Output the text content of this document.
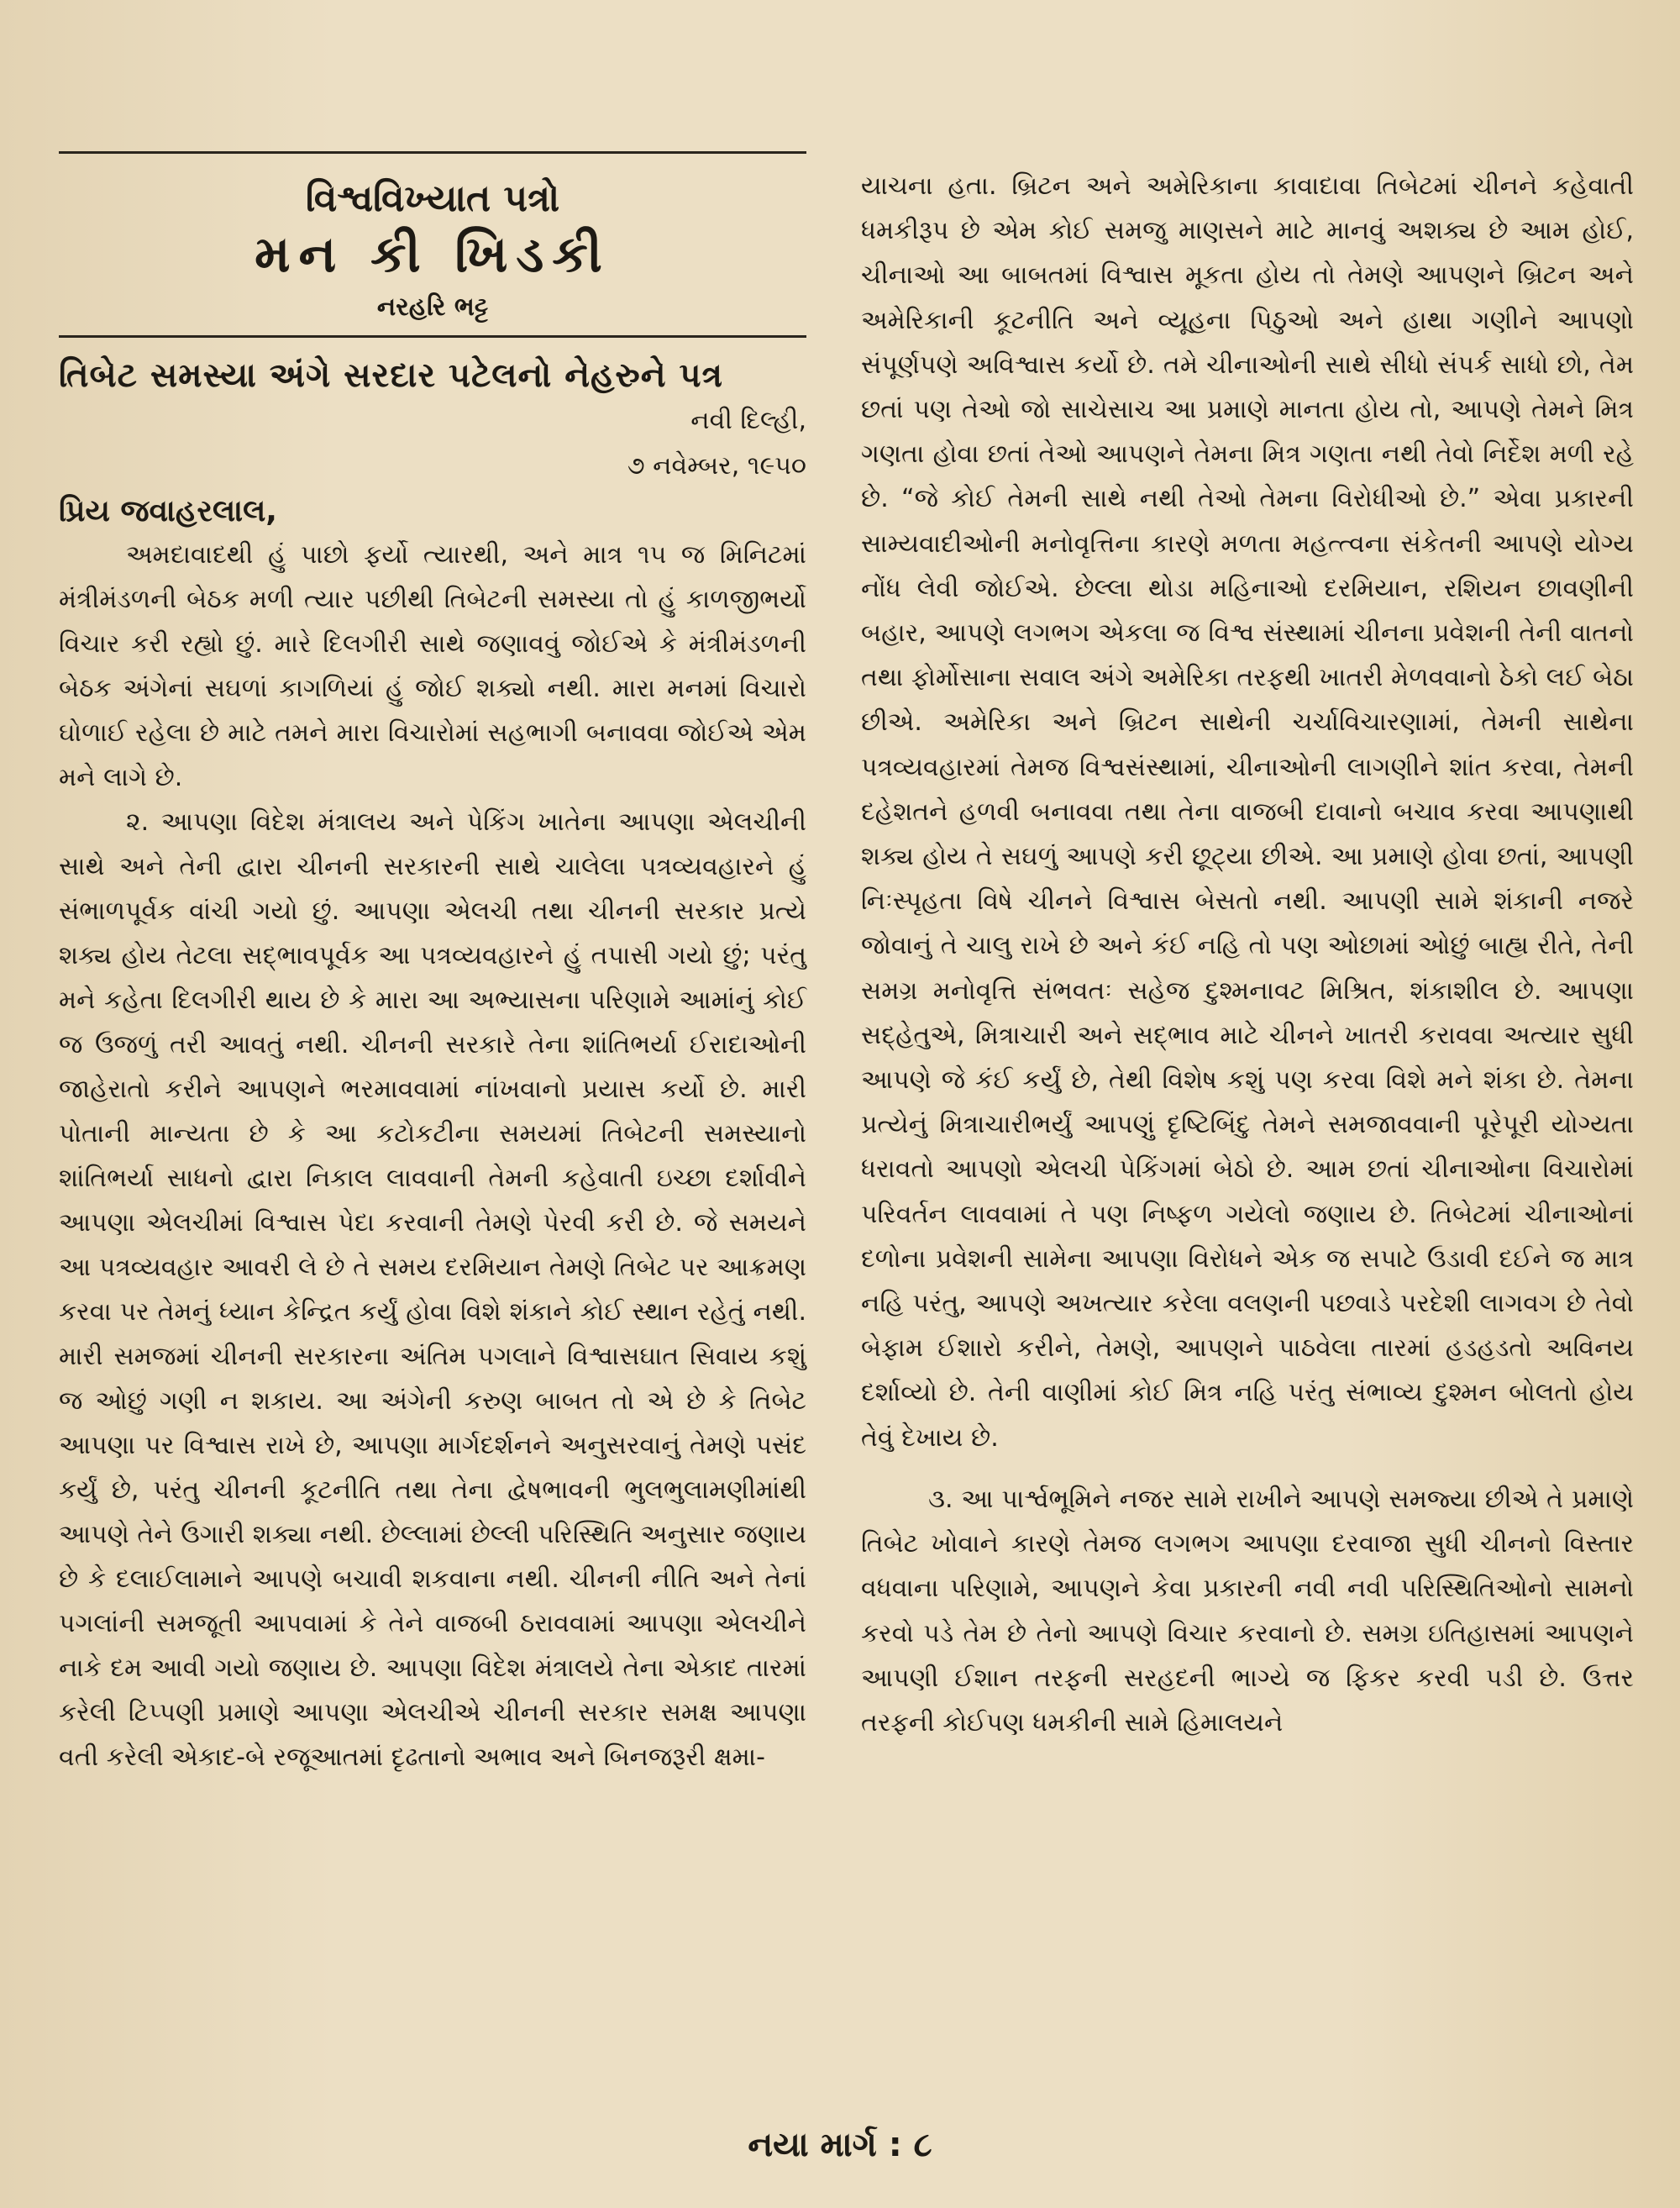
વિશ્વવિખ્યાત પત્રો
મન કી ખિડકી
નરહરિ ભટ્ટ
તિબેટ સમસ્યા અંગે સરદાર પટેલનો નેહરુને પત્ર
નવી દિલ્હી,
૭ નવેમ્બર, ૧૯૫૦
પ્રિય જવાહરલાલ,

અમદાવાદથી હું પાછો ફર્યો ત્યારથી, અને માત્ર ૧૫ જ મિનિટમાં મંત્રીમંડળની બેઠક મળી ત્યાર પછીથી તિબેટની સમસ્યા તો હું કાળજીભર્યો વિચાર કરી રહ્યો છું. મારે દિલગીરી સાથે જણાવવું જોઈએ કે મંત્રીમંડળની બેઠક અંગેનાં સઘળાં કાગળિયાં હું જોઈ શક્યો નથી. મારા મનમાં વિચારો ઘોળાઈ રહેલા છે માટે તમને મારા વિચારોમાં સહભાગી બનાવવા જોઈએ એમ મને લાગે છે.

૨. આપણા વિદેશ મંત્રાલય અને પેકિંગ ખાતેના આપણા એલચીની સાથે અને તેની દ્વારા ચીનની સરકારની સાથે ચાલેલા પત્રવ્યવહારને હું સંભાળપૂર્વક વાંચી ગયો છું. આપણા એલચી તથા ચીનની સરકાર પ્રત્યે શક્ય હોય તેટલા સદ્ભાવપૂર્વક આ પત્રવ્યવહારને હું તપાસી ગયો છું; પરંતુ મને કહેતા દિલગીરી થાય છે કે મારા આ અભ્યાસના પરિણામે આમાંનું કોઈ જ ઉજળું તરી આવતું નથી. ચીનની સરકારે તેના શાંતિભર્યા ઈરાદાઓની જાહેરાતો કરીને આપણને ભરમાવવામાં નાંખવાનો પ્રયાસ કર્યો છે. મારી પોતાની માન્યતા છે કે આ કટોકટીના સમયમાં તિબેટની સમસ્યાનો શાંતિભર્યા સાધનો દ્વારા નિકાલ લાવવાની તેમની કહેવાતી ઇચ્છા દર્શાવીને આપણા એલચીમાં વિશ્વાસ પેદા કરવાની તેમણે પેરવી કરી છે. જે સમયને આ પત્રવ્યવહાર આવરી લે છે તે સમય દરમિયાન તેમણે તિબેટ પર આક્રમણ કરવા પર તેમનું ધ્યાન કેન્દ્રિત કર્યું હોવા વિશે શંકાને કોઈ સ્થાન રહેતું નથી. મારી સમજમાં ચીનની સરકારના અંતિમ પગલાને વિશ્વાસઘાત સિવાય કશું જ ઓછું ગણી ન શકાય. આ અંગેની કરુણ બાબત તો એ છે કે તિબેટ આપણા પર વિશ્વાસ રાખે છે, આપણા માર્ગદર્શનને અનુસરવાનું તેમણે પસંદ કર્યું છે, પરંતુ ચીનની કૂટનીતિ તથા તેના દ્વેષભાવની ભુલભુલામણીમાંથી આપણે તેને ઉગારી શક્યા નથી. છેલ્લામાં છેલ્લી પરિસ્થિતિ અનુસાર જણાય છે કે દલાઈલામાને આપણે બચાવી શકવાના નથી. ચીનની નીતિ અને તેનાં પગલાંની સમજૂતી આપવામાં કે તેને વાજબી ઠરાવવામાં આપણા એલચીને નાકે દમ આવી ગયો જણાય છે. આપણા વિદેશ મંત્રાલયે તેના એકાદ તારમાં કરેલી ટિપ્પણી પ્રમાણે આપણા એલચીએ ચીનની સરકાર સમક્ષ આપણા વતી કરેલી એકાદ-બે રજૂઆતમાં દૃઢતાનો અભાવ અને બિનજરૂરી ક્ષમા-

યાચના હતા. બ્રિટન અને અમેરિકાના કાવાદાવા તિબેટમાં ચીનને કહેવાતી ધમકીરૂપ છે એમ કોઈ સમજુ માણસને માટે માનવું અશક્ય છે આમ હોઈ, ચીનાઓ આ બાબતમાં વિશ્વાસ મૂકતા હોય તો તેમણે આપણને બ્રિટન અને અમેરિકાની કૂટનીતિ અને વ્યૂહના પિઠુઓ અને હાથા ગણીને આપણો સંપૂર્ણપણે અવિશ્વાસ કર્યો છે. તમે ચીનાઓની સાથે સીધો સંપર્ક સાધો છો, તેમ છતાં પણ તેઓ જો સાચેસાચ આ પ્રમાણે માનતા હોય તો, આપણે તેમને મિત્ર ગણતા હોવા છતાં તેઓ આપણને તેમના મિત્ર ગણતા નથી તેવો નિર્દેશ મળી રહે છે. “જે કોઈ તેમની સાથે નથી તેઓ તેમના વિરોધીઓ છે.” એવા પ્રકારની સામ્યવાદીઓની મનોવૃત્તિના કારણે મળતા મહત્ત્વના સંકેતની આપણે યોગ્ય નોંધ લેવી જોઈએ. છેલ્લા થોડા મહિનાઓ દરમિયાન, રશિયન છાવણીની બહાર, આપણે લગભગ એકલા જ વિશ્વ સંસ્થામાં ચીનના પ્રવેશની તેની વાતનો તથા ફોર્મોસાના સવાલ અંગે અમેરિકા તરફથી ખાતરી મેળવવાનો ઠેકો લઈ બેઠા છીએ. અમેરિકા અને બ્રિટન સાથેની ચર્ચાવિચારણામાં, તેમની સાથેના પત્રવ્યવહારમાં તેમજ વિશ્વસંસ્થામાં, ચીનાઓની લાગણીને શાંત કરવા, તેમની દહેશતને હળવી બનાવવા તથા તેના વાજબી દાવાનો બચાવ કરવા આપણાથી શક્ય હોય તે સઘળું આપણે કરી છૂટ્યા છીએ. આ પ્રમાણે હોવા છતાં, આપણી નિઃસ્પૃહતા વિષે ચીનને વિશ્વાસ બેસતો નથી. આપણી સામે શંકાની નજરે જોવાનું તે ચાલુ રાખે છે અને કંઈ નહિ તો પણ ઓછામાં ઓછું બાહ્ય રીતે, તેની સમગ્ર મનોવૃત્તિ સંભવતઃ સહેજ દુશ્મનાવટ મિશ્રિત, શંકાશીલ છે. આપણા સદ્હેતુએ, મિત્રાચારી અને સદ્ભાવ માટે ચીનને ખાતરી કરાવવા અત્યાર સુધી આપણે જે કંઈ કર્યું છે, તેથી વિશેષ કશું પણ કરવા વિશે મને શંકા છે. તેમના પ્રત્યેનું મિત્રાચારીભર્યું આપણું દૃષ્ટિબિંદુ તેમને સમજાવવાની પૂરેપૂરી યોગ્યતા ધરાવતો આપણો એલચી પેકિંગમાં બેઠો છે. આમ છતાં ચીનાઓના વિચારોમાં પરિવર્તન લાવવામાં તે પણ નિષ્ફળ ગયેલો જણાય છે. તિબેટમાં ચીનાઓનાં દળોના પ્રવેશની સામેના આપણા વિરોધને એક જ સપાટે ઉડાવી દઈને જ માત્ર નહિ પરંતુ, આપણે અખત્યાર કરેલા વલણની પછવાડે પરદેશી લાગવગ છે તેવો બેફામ ઈશારો કરીને, તેમણે, આપણને પાઠવેલા તારમાં હડહડતો અવિનય દર્શાવ્યો છે. તેની વાણીમાં કોઈ મિત્ર નહિ પરંતુ સંભાવ્ય દુશ્મન બોલતો હોય તેવું દેખાય છે.

૩. આ પાર્શ્વભૂમિને નજર સામે રાખીને આપણે સમજ્યા છીએ તે પ્રમાણે તિબેટ ખોવાને કારણે તેમજ લગભગ આપણા દરવાજા સુધી ચીનનો વિસ્તાર વધવાના પરિણામે, આપણને કેવા પ્રકારની નવી નવી પરિસ્થિતિઓનો સામનો કરવો પડે તેમ છે તેનો આપણે વિચાર કરવાનો છે. સમગ્ર ઇતિહાસમાં આપણને આપણી ઈશાન તરફની સરહદની ભાગ્યે જ ફિકર કરવી પડી છે. ઉત્તર તરફની કોઈપણ ધમકીની સામે હિમાલયને

નયા માર્ગ : ૮
